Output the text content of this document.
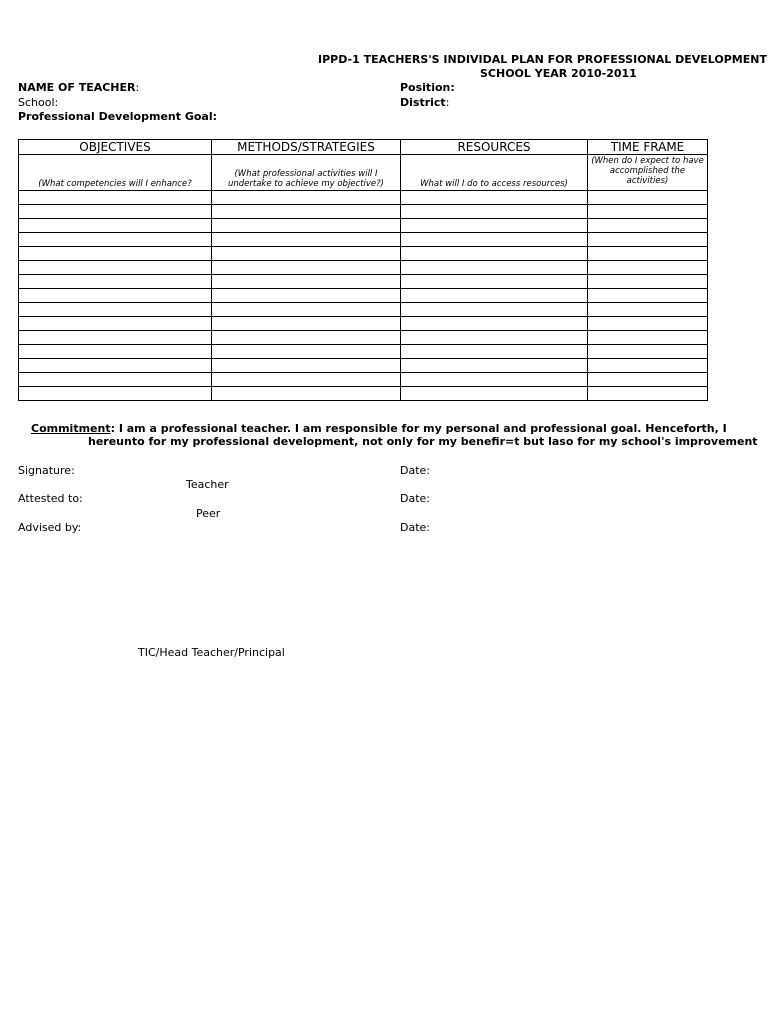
IPPD-1 TEACHERS'S INDIVIDAL PLAN FOR PROFESSIONAL DEVELOPMENT
SCHOOL YEAR 2010-2011
NAME OF TEACHER:	Position:
School:	District:
Professional Development Goal:
OBJECTIVES	METHODS/STRATEGIES	RESOURCES	TIME FRAME
(What competencies will I enhance?	(What professional activities will I undertake to achieve my objective?)	What will I do to access resources)	(When do I expect to have accomplished the activities)

Commitment: I am a professional teacher. I am responsible for my personal and professional goal. Henceforth, I
hereunto for my professional development, not only for my benefir=t but laso for my school's improvement
Signature:	Date:
Teacher
Attested to:	Date:
Peer
Advised by:	Date:
TIC/Head Teacher/Principal
